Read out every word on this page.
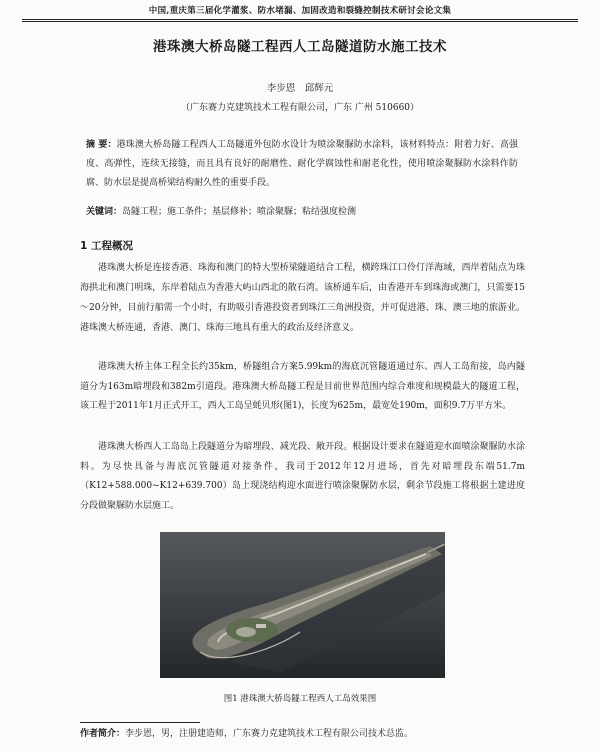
中国,重庆第三届化学灌浆、防水堵漏、加固改造和裂缝控制技术研讨会论文集
港珠澳大桥岛隧工程西人工岛隧道防水施工技术
李步恩　邱辉元
（广东赛力克建筑技术工程有限公司，广东 广州 510660）
摘 要：港珠澳大桥岛隧工程西人工岛隧道外包防水设计为喷涂聚脲防水涂料，该材料特点：附着力好、高强度、高弹性，连续无接缝，而且具有良好的耐磨性、耐化学腐蚀性和耐老化性，使用喷涂聚脲防水涂料作防腐、防水层是提高桥梁结构耐久性的重要手段。
关键词：岛隧工程；施工条件；基层修补；喷涂聚脲；粘结强度检测
1 工程概况

港珠澳大桥是连接香港、珠海和澳门的特大型桥梁隧道结合工程，横跨珠江口伶仃洋海域，西岸着陆点为珠海拱北和澳门明珠，东岸着陆点为香港大屿山西北的散石湾。该桥通车后，由香港开车到珠海或澳门，只需要15～20分钟，目前行船需一个小时，有助吸引香港投资者到珠江三角洲投资，并可促进港、珠、澳三地的旅游业。港珠澳大桥连通，香港、澳门、珠海三地具有重大的政治及经济意义。

港珠澳大桥主体工程全长约35km，桥隧组合方案5.99km的海底沉管隧道通过东、西人工岛衔接，岛内隧道分为163m暗埋段和382m引道段。港珠澳大桥岛隧工程是目前世界范围内综合难度和规模最大的隧道工程，该工程于2011年1月正式开工，西人工岛呈蚝贝形(图1)，长度为625m，最宽处190m，面积9.7万平方米。

港珠澳大桥西人工岛岛上段隧道分为暗埋段、减光段、敞开段。根据设计要求在隧道迎水面喷涂聚脲防水涂料。为尽快具备与海底沉管隧道对接条件，我司于2012年12月进场，首先对暗埋段东端51.7m（K12+588.000~K12+639.700）岛上现浇结构迎水面进行喷涂聚脲防水层，剩余节段施工将根据土建进度分段做聚脲防水层施工。

图1 港珠澳大桥岛隧工程西人工岛效果图
作者简介：李步恩，男，注册建造师，广东赛力克建筑技术工程有限公司技术总监。
